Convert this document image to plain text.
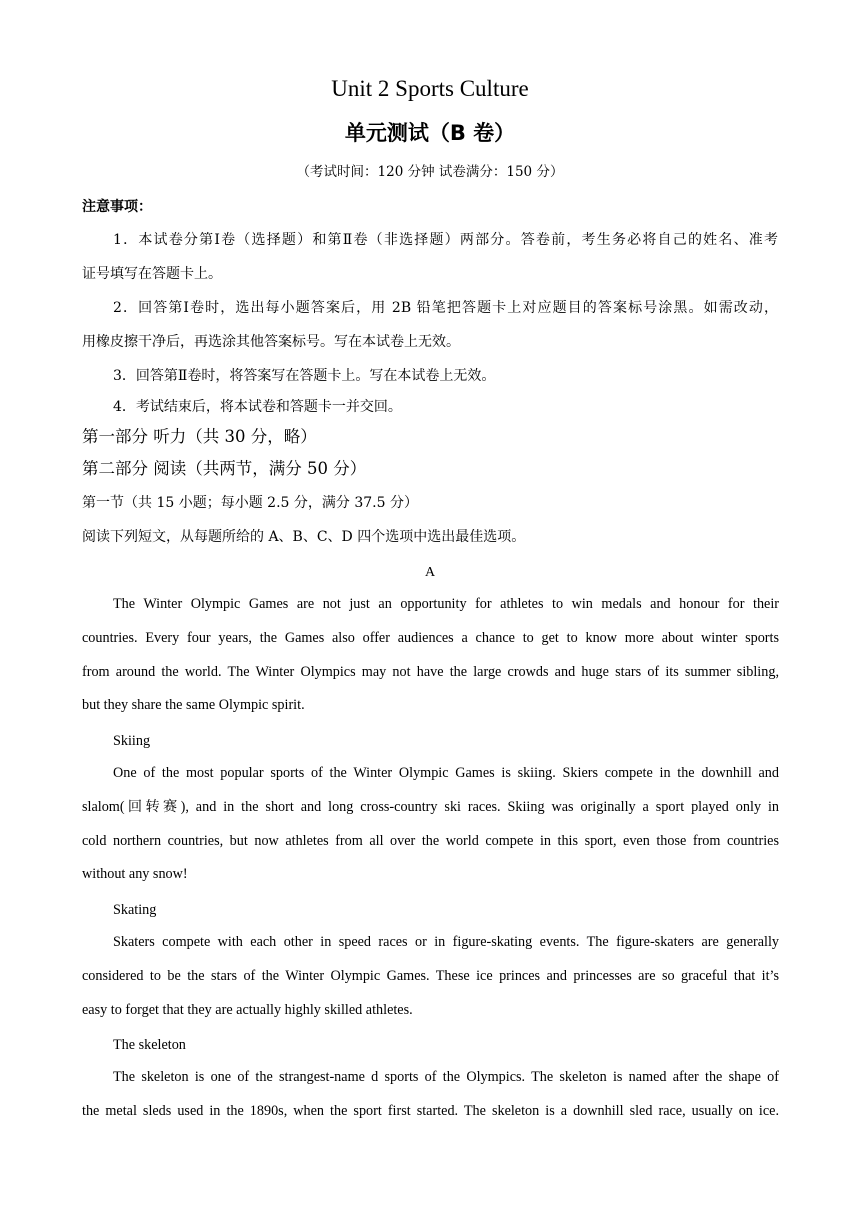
Unit 2 Sports Culture
单元测试（B 卷）
（考试时间：120 分钟 试卷满分：150 分）
注意事项：
1．本试卷分第Ⅰ卷（选择题）和第Ⅱ卷（非选择题）两部分。答卷前，考生务必将自己的姓名、准考
证号填写在答题卡上。
2．回答第Ⅰ卷时，选出每小题答案后，用 2B 铅笔把答题卡上对应题目的答案标号涂黑。如需改动，
用橡皮擦干净后，再选涂其他答案标号。写在本试卷上无效。
3．回答第Ⅱ卷时，将答案写在答题卡上。写在本试卷上无效。
4．考试结束后，将本试卷和答题卡一并交回。
第一部分 听力（共 30 分，略）
第二部分 阅读（共两节，满分 50 分）
第一节（共 15 小题；每小题 2.5 分，满分 37.5 分）
阅读下列短文，从每题所给的 A、B、C、D 四个选项中选出最佳选项。
A
The Winter Olympic Games are not just an opportunity for athletes to win medals and honour for their
countries. Every four years, the Games also offer audiences a chance to get to know more about winter sports
from around the world. The Winter Olympics may not have the large crowds and huge stars of its summer sibling,
but they share the same Olympic spirit.
Skiing
One of the most popular sports of the Winter Olympic Games is skiing. Skiers compete in the downhill and
slalom(回转赛), and in the short and long cross-country ski races. Skiing was originally a sport played only in
cold northern countries, but now athletes from all over the world compete in this sport, even those from countries
without any snow!
Skating
Skaters compete with each other in speed races or in figure-skating events. The figure-skaters are generally
considered to be the stars of the Winter Olympic Games. These ice princes and princesses are so graceful that it’s
easy to forget that they are actually highly skilled athletes.
The skeleton
The skeleton is one of the strangest-name d sports of the Olympics. The skeleton is named after the shape of
the metal sleds used in the 1890s, when the sport first started. The skeleton is a downhill sled race, usually on ice.
